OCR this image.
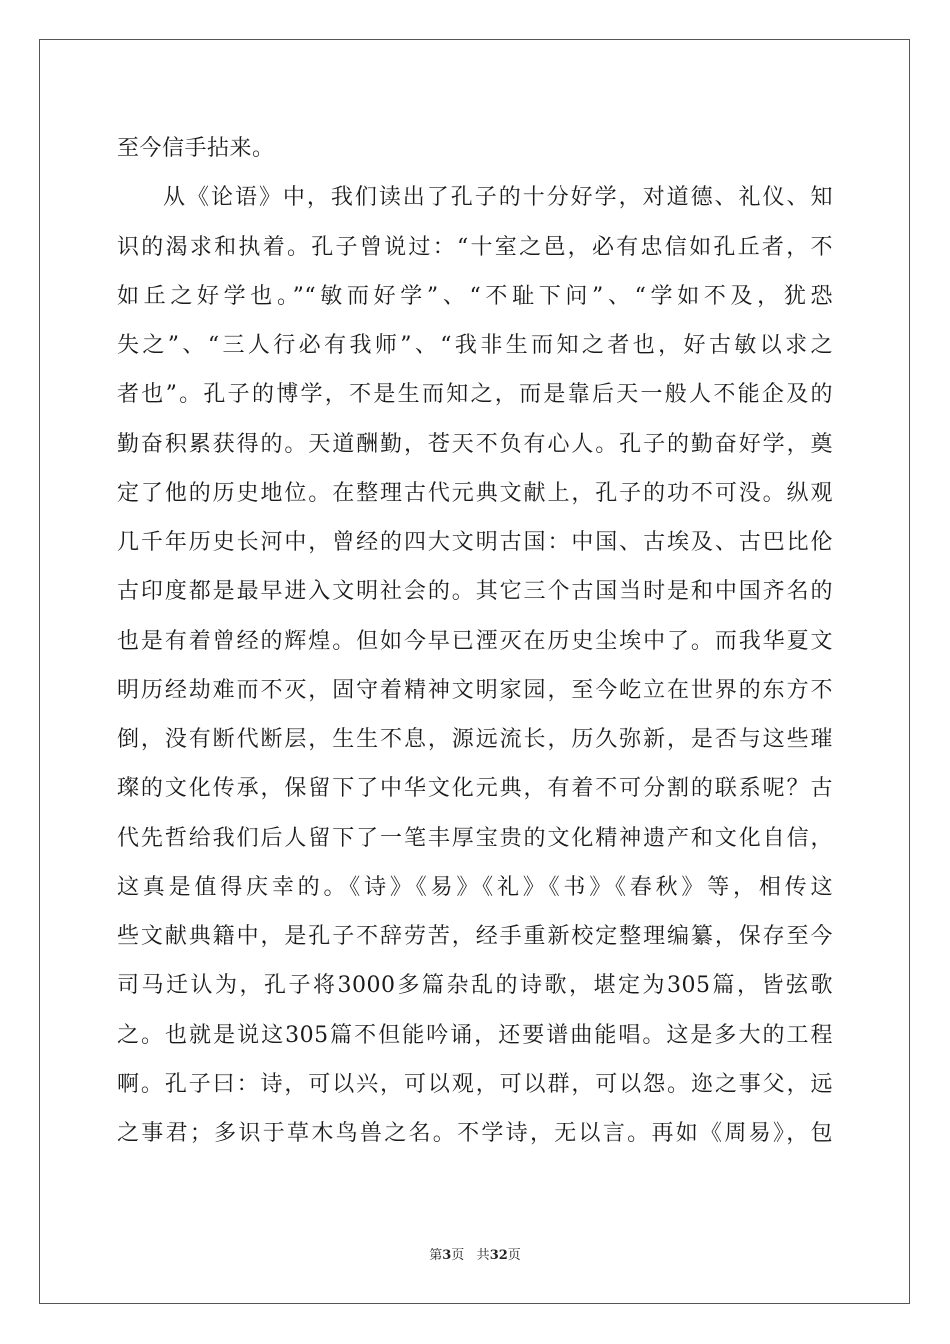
至今信手拈来。
从《论语》中，我们读出了孔子的十分好学，对道德、礼仪、知
识的渴求和执着。孔子曾说过：“十室之邑，必有忠信如孔丘者，不
如丘之好学也。”“敏而好学”、“不耻下问”、“学如不及，犹恐
失之”、“三人行必有我师”、“我非生而知之者也，好古敏以求之
者也”。孔子的博学，不是生而知之，而是靠后天一般人不能企及的
勤奋积累获得的。天道酬勤，苍天不负有心人。孔子的勤奋好学，奠
定了他的历史地位。在整理古代元典文献上，孔子的功不可没。纵观
几千年历史长河中，曾经的四大文明古国：中国、古埃及、古巴比伦
古印度都是最早进入文明社会的。其它三个古国当时是和中国齐名的
也是有着曾经的辉煌。但如今早已湮灭在历史尘埃中了。而我华夏文
明历经劫难而不灭，固守着精神文明家园，至今屹立在世界的东方不
倒，没有断代断层，生生不息，源远流长，历久弥新，是否与这些璀
璨的文化传承，保留下了中华文化元典，有着不可分割的联系呢？古
代先哲给我们后人留下了一笔丰厚宝贵的文化精神遗产和文化自信，
这真是值得庆幸的。《诗》《易》《礼》《书》《春秋》等，相传这
些文献典籍中，是孔子不辞劳苦，经手重新校定整理编纂，保存至今
司马迁认为，孔子将3000多篇杂乱的诗歌，堪定为305篇，皆弦歌
之。也就是说这305篇不但能吟诵，还要谱曲能唱。这是多大的工程
啊。孔子曰：诗，可以兴，可以观，可以群，可以怨。迩之事父，远
之事君；多识于草木鸟兽之名。不学诗，无以言。再如《周易》，包
第3页 共32页
